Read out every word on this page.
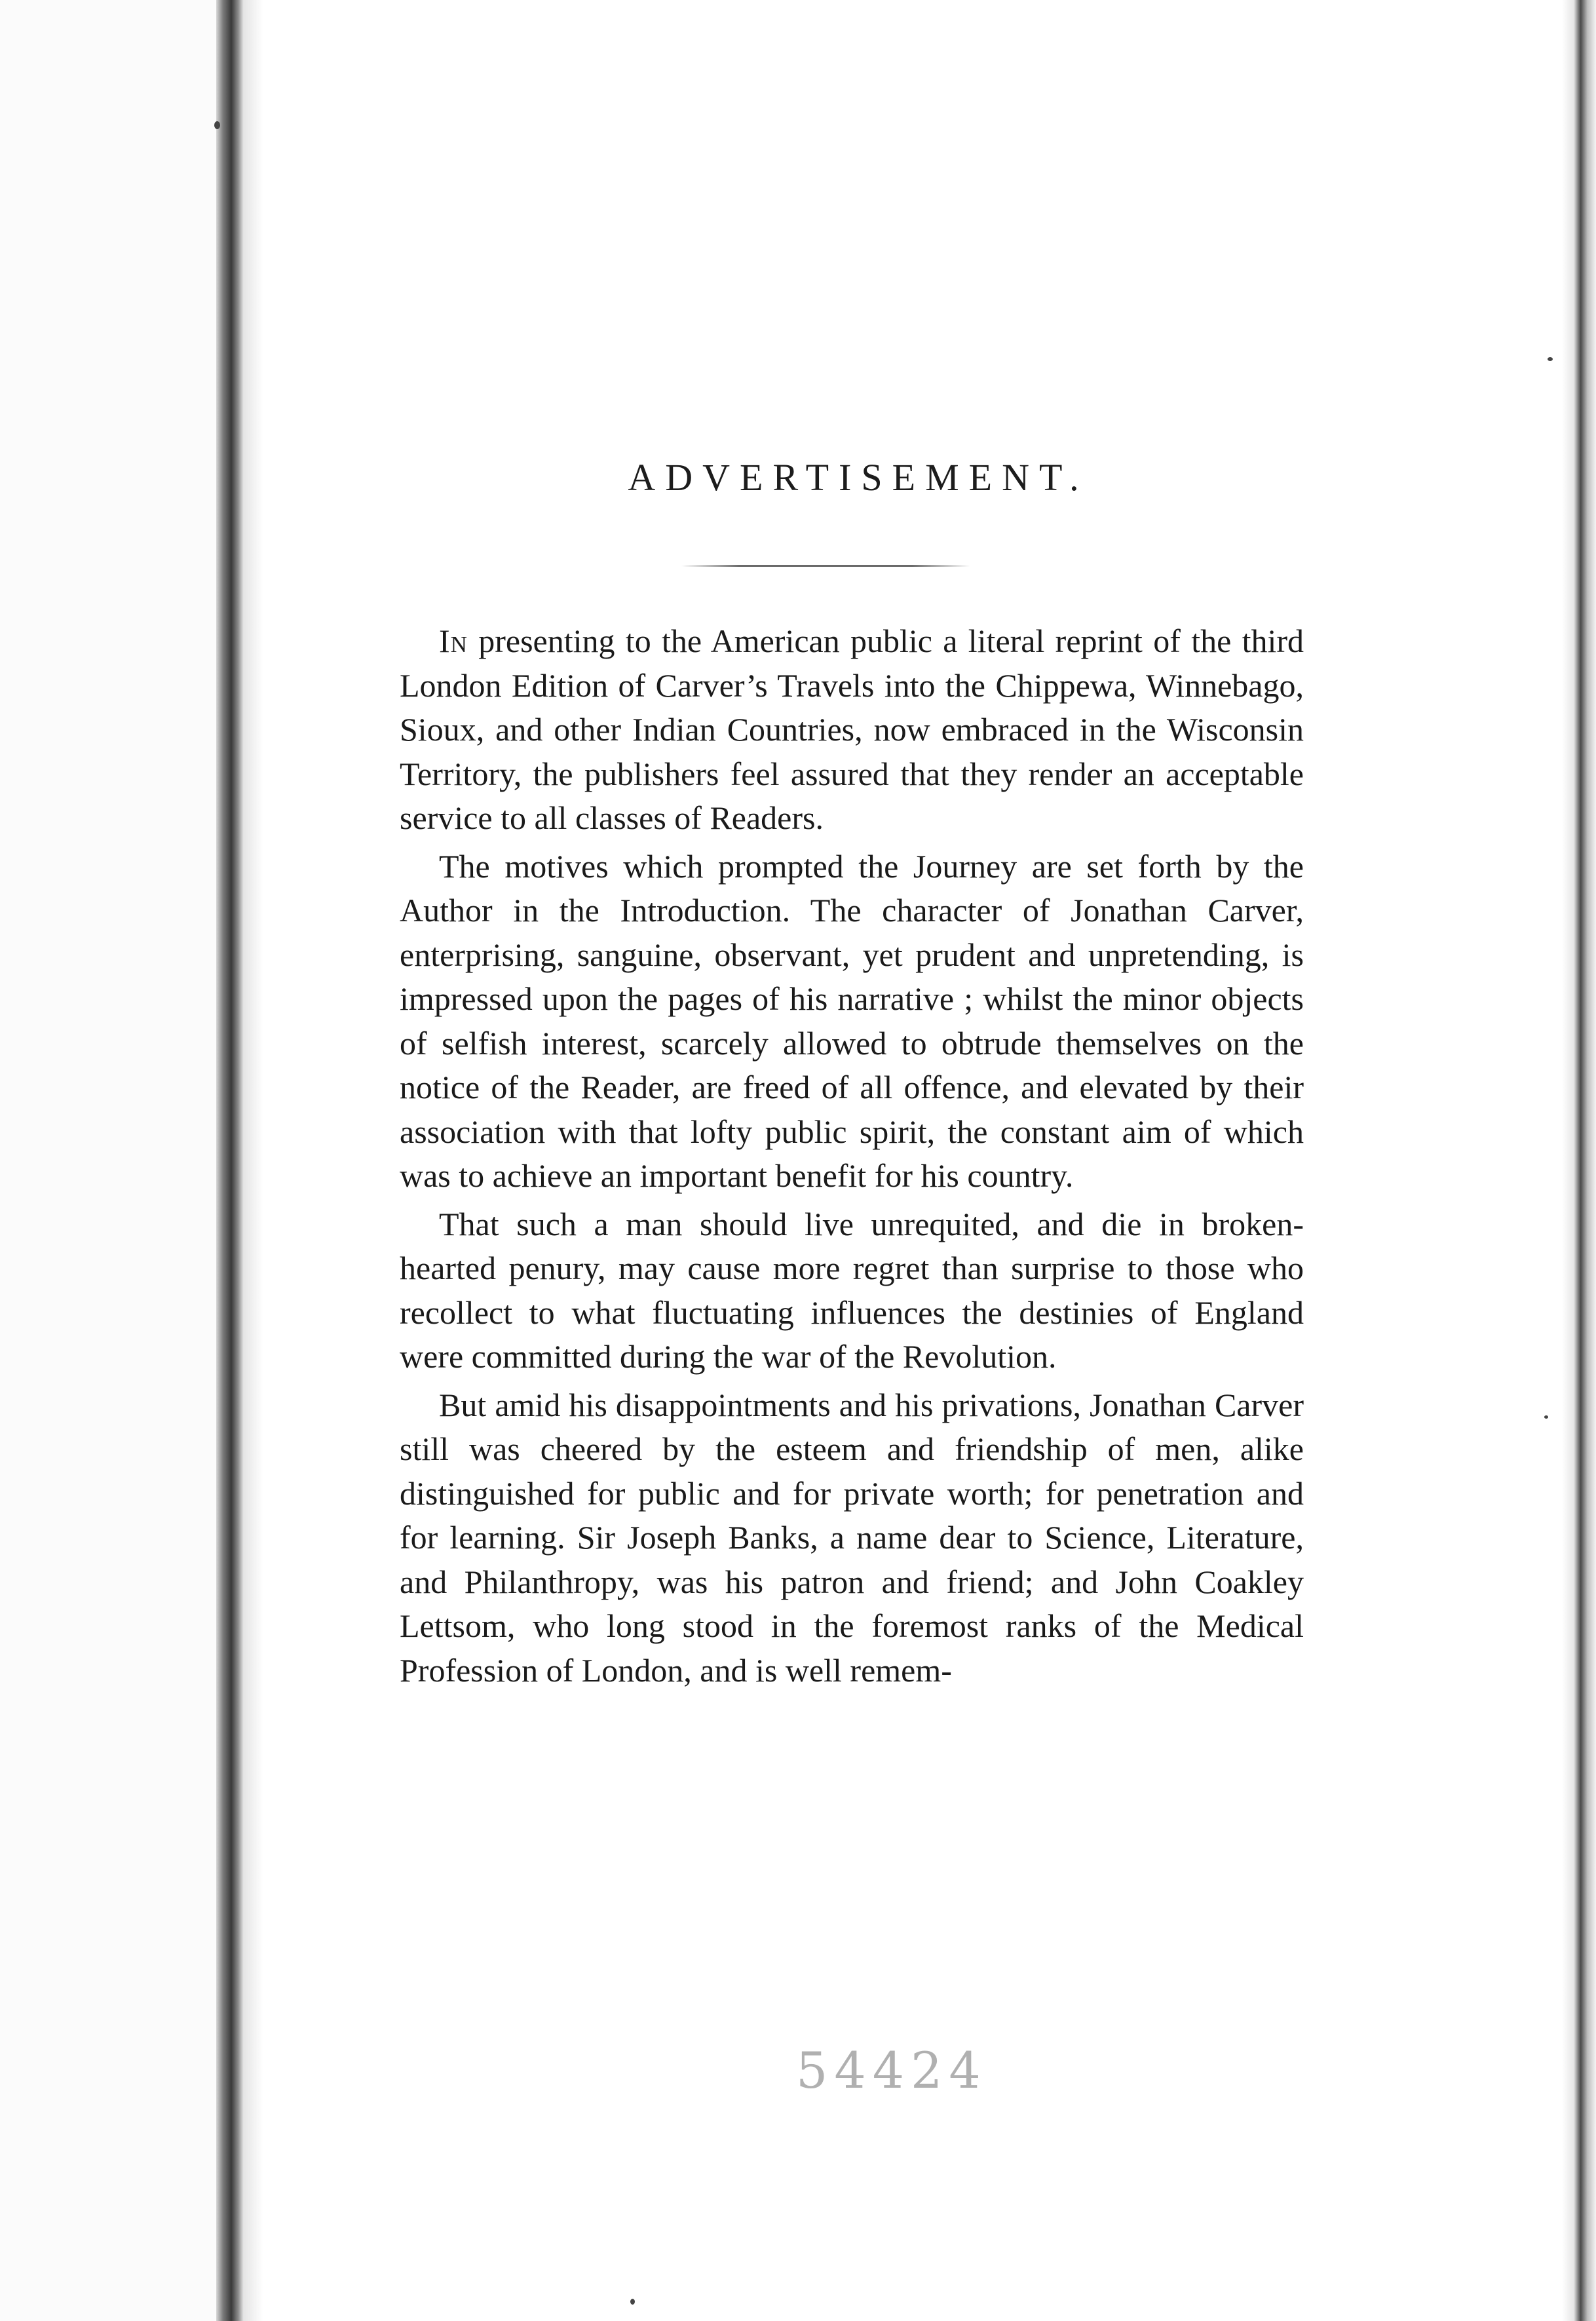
ADVERTISEMENT.

In presenting to the American public a literal reprint of the third London Edition of Carver’s Travels into the Chippewa, Winnebago, Sioux, and other Indian Countries, now embraced in the Wisconsin Territory, the publishers feel assured that they render an acceptable service to all classes of Readers.

The motives which prompted the Journey are set forth by the Author in the Introduction. The character of Jonathan Carver, enterprising, sanguine, observant, yet prudent and unpretending, is impressed upon the pages of his narrative ; whilst the minor objects of selfish interest, scarcely allowed to obtrude themselves on the notice of the Reader, are freed of all offence, and elevated by their association with that lofty public spirit, the constant aim of which was to achieve an important benefit for his country.

That such a man should live unrequited, and die in broken-hearted penury, may cause more regret than surprise to those who recollect to what fluctuating influences the destinies of England were committed during the war of the Revolution.

But amid his disappointments and his privations, Jonathan Carver still was cheered by the esteem and friendship of men, alike distinguished for public and for private worth; for penetration and for learning. Sir Joseph Banks, a name dear to Science, Literature, and Philanthropy, was his patron and friend; and John Coakley Lettsom, who long stood in the foremost ranks of the Medical Profession of London, and is well remem-

54424
